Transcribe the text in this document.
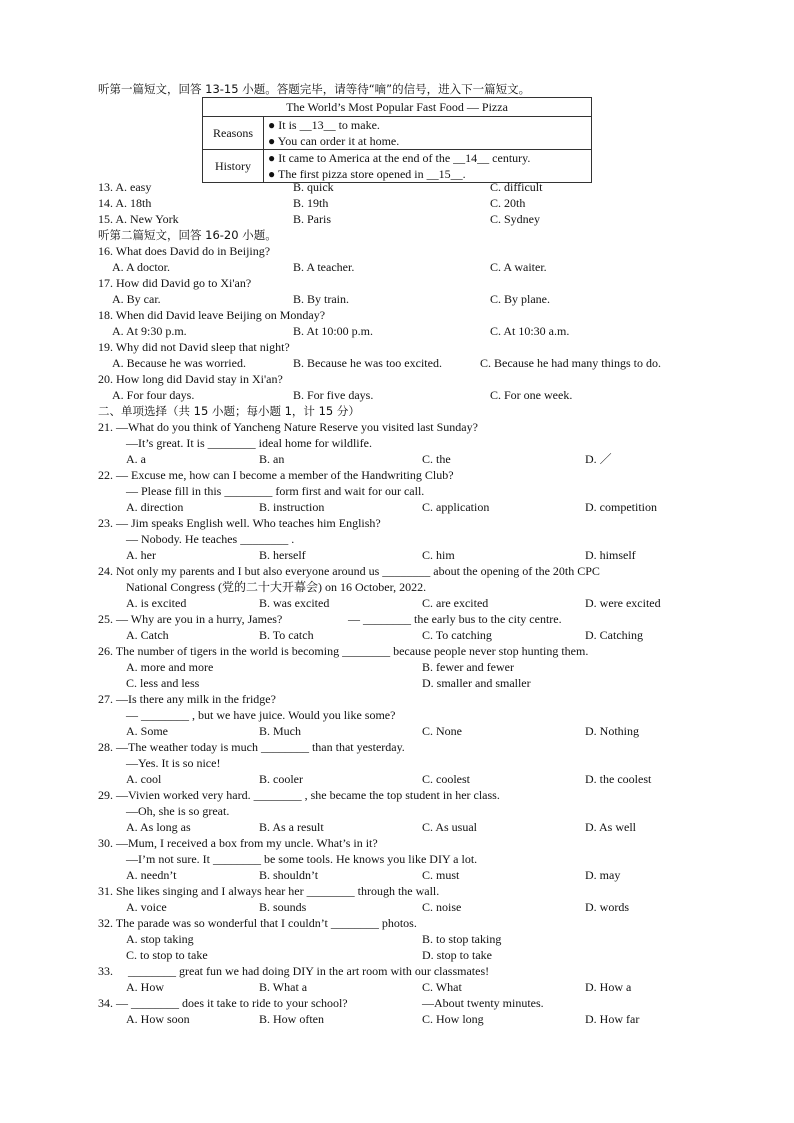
听第一篇短文，回答 13-15 小题。答题完毕，请等待“嘀”的信号，进入下一篇短文。
The World’s Most Popular Fast Food — Pizza	
Reasons	● It is __13__ to make.
● You can order it at home.

History	● It came to America at the end of the __14__ century.
● The first pizza store opened in __15__.
13. A. easy	B. quick	C. difficult
14. A. 18th	B. 19th	C. 20th
15. A. New York	B. Paris	C. Sydney
听第二篇短文，回答 16-20 小题。
16. What does David do in Beijing?
A. A doctor.	B. A teacher.	C. A waiter.
17. How did David go to Xi'an?
A. By car.	B. By train.	C. By plane.
18. When did David leave Beijing on Monday?
A. At 9:30 p.m.	B. At 10:00 p.m.	C. At 10:30 a.m.
19. Why did not David sleep that night?
A. Because he was worried.	B. Because he was too excited.	C. Because he had many things to do.
20. How long did David stay in Xi'an?
A. For four days.	B. For five days.	C. For one week.
二、单项选择（共 15 小题；每小题 1，计 15 分）
21. —What do you think of Yancheng Nature Reserve you visited last Sunday?
—It’s great. It is ________ ideal home for wildlife.
A. a	B. an	C. the	D. ／
22. — Excuse me, how can I become a member of the Handwriting Club?
— Please fill in this ________ form first and wait for our call.
A. direction	B. instruction	C. application	D. competition
23. — Jim speaks English well. Who teaches him English?
— Nobody. He teaches ________ .
A. her	B. herself	C. him	D. himself
24. Not only my parents and I but also everyone around us ________ about the opening of the 20th CPC
National Congress (党的二十大开幕会) on 16 October, 2022.
A. is excited	B. was excited	C. are excited	D. were excited
25. — Why are you in a hurry, James?	— ________ the early bus to the city centre.
A. Catch	B. To catch	C. To catching	D. Catching
26. The number of tigers in the world is becoming ________ because people never stop hunting them.
A. more and more	B. fewer and fewer
C. less and less	D. smaller and smaller
27. —Is there any milk in the fridge?
— ________ , but we have juice. Would you like some?
A. Some	B. Much	C. None	D. Nothing
28. —The weather today is much ________ than that yesterday.
—Yes. It is so nice!
A. cool	B. cooler	C. coolest	D. the coolest
29. —Vivien worked very hard. ________ , she became the top student in her class.
—Oh, she is so great.
A. As long as	B. As a result	C. As usual	D. As well
30. —Mum, I received a box from my uncle. What’s in it?
—I’m not sure. It ________ be some tools. He knows you like DIY a lot.
A. needn’t	B. shouldn’t	C. must	D. may
31. She likes singing and I always hear her ________ through the wall.
A. voice	B. sounds	C. noise	D. words
32. The parade was so wonderful that I couldn’t ________ photos.
A. stop taking	B. to stop taking
C. to stop to take	D. stop to take
33. ________ great fun we had doing DIY in the art room with our classmates!
A. How	B. What a	C. What	D. How a
34. — ________ does it take to ride to your school?	—About twenty minutes.
A. How soon	B. How often	C. How long	D. How far
